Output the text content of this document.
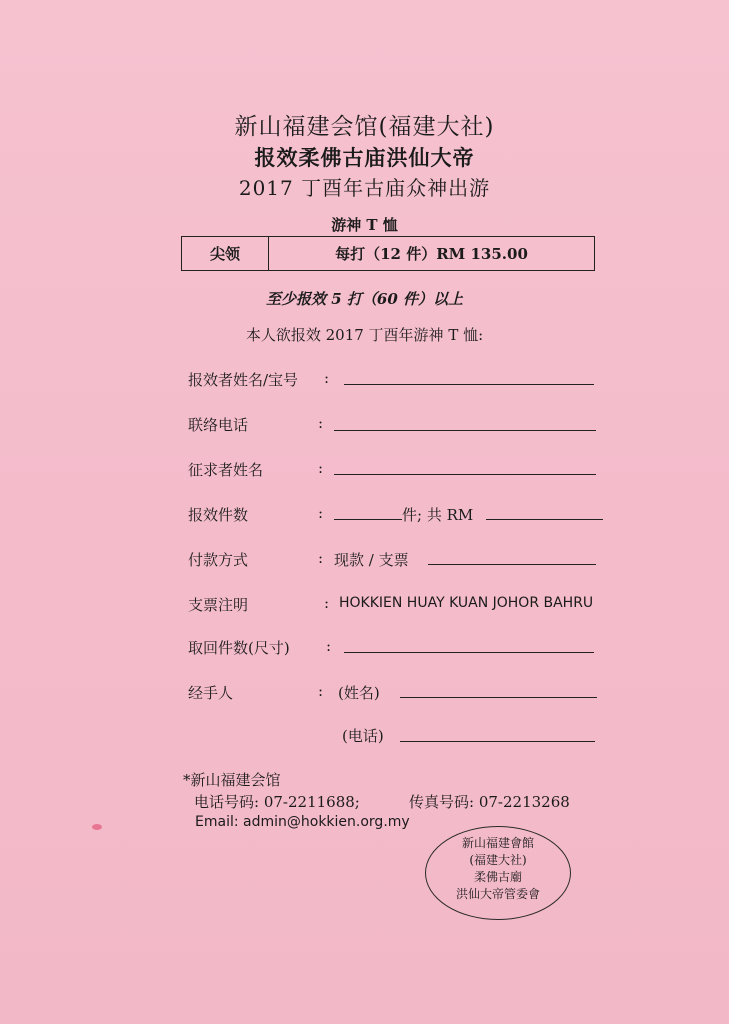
新山福建会馆(福建大社)
报效柔佛古庙洪仙大帝
2017 丁酉年古庙众神出游
游神 T 恤
尖领	每打（12 件）RM 135.00
至少报效 5 打（60 件）以上
本人欲报效 2017 丁酉年游神 T 恤:
报效者姓名/宝号 :
联络电话	:
征求者姓名	:
报效件数	:	件; 共 RM
付款方式	: 现款 / 支票
支票注明	: HOKKIEN HUAY KUAN JOHOR BAHRU
取回件数(尺寸) :
经手人	: (姓名)
(电话)
*新山福建会馆
电话号码: 07-2211688;	传真号码: 07-2213268
Email: admin@hokkien.org.my
新山福建會館
(福建大社)
柔佛古廟
洪仙大帝管委會
